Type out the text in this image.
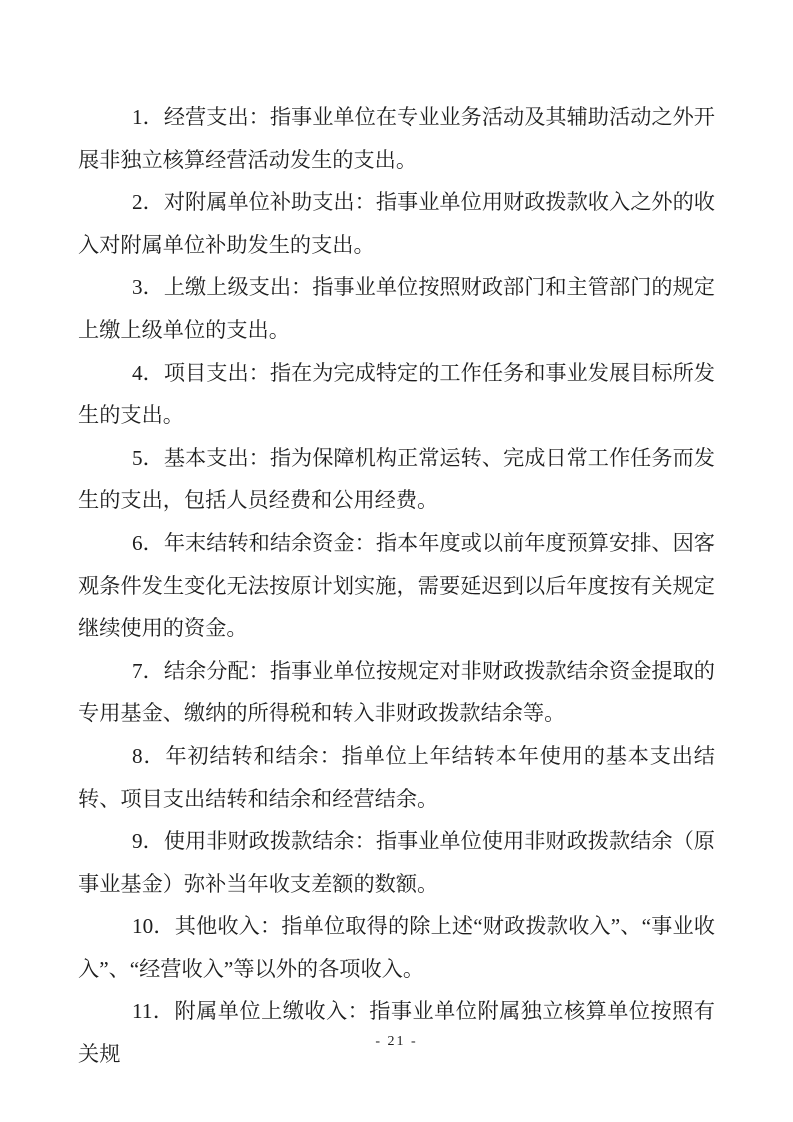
1．经营支出：指事业单位在专业业务活动及其辅助活动之外开展非独立核算经营活动发生的支出。

2．对附属单位补助支出：指事业单位用财政拨款收入之外的收入对附属单位补助发生的支出。

3．上缴上级支出：指事业单位按照财政部门和主管部门的规定上缴上级单位的支出。

4．项目支出：指在为完成特定的工作任务和事业发展目标所发生的支出。

5．基本支出：指为保障机构正常运转、完成日常工作任务而发生的支出，包括人员经费和公用经费。

6．年末结转和结余资金：指本年度或以前年度预算安排、因客观条件发生变化无法按原计划实施，需要延迟到以后年度按有关规定继续使用的资金。

7．结余分配：指事业单位按规定对非财政拨款结余资金提取的专用基金、缴纳的所得税和转入非财政拨款结余等。

8．年初结转和结余：指单位上年结转本年使用的基本支出结转、项目支出结转和结余和经营结余。

9．使用非财政拨款结余：指事业单位使用非财政拨款结余（原事业基金）弥补当年收支差额的数额。

10．其他收入：指单位取得的除上述“财政拨款收入”、“事业收入”、“经营收入”等以外的各项收入。

11．附属单位上缴收入：指事业单位附属独立核算单位按照有关规

- 21 -
